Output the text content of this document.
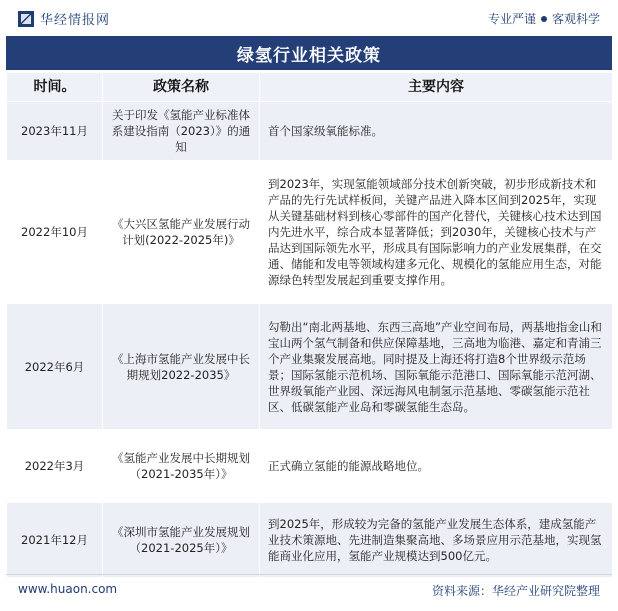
华经情报网	专业严谨 客观科学
绿氢行业相关政策
时间。	政策名称	主要内容
2023年11月	关于印发《氢能产业标准体系建设指南（2023）》的通知	首个国家级氧能标准。
2022年10月	《大兴区氢能产业发展行动计划(2022-2025年)》	到2023年，实现氢能领域部分技术创新突破，初步形成新技术和产品的先行先试样板间，关键产品进入降本区间到2025年，实现从关键基础材料到核心零部件的国产化替代，关键核心技术达到国内先进水平，综合成本显著降低；到2030年，关键核心技术与产品达到国际领先水平，形成具有国际影响力的产业发展集群，在交通、储能和发电等领域构建多元化、规模化的氢能应用生态，对能源绿色转型发展起到重要支撑作用。
2022年6月	《上海市氢能产业发展中长期规划2022-2035》	勾勒出“南北两基地、东西三高地”产业空间布局，两基地指金山和宝山两个氢气制备和供应保障基地，三高地为临港、嘉定和青浦三个产业集聚发展高地。同时提及上海还将打造8个世界级示范场景；国际氢能示范机场、国际氧能示范港口、国际氧能示范河湖、世界级氧能产业园、深远海风电制氢示范基地、零碳氢能示范社区、低碳氢能产业岛和零碳氢能生态岛。
2022年3月	《氢能产业发展中长期规划（2021-2035年）》	正式确立氢能的能源战略地位。
2021年12月	《深圳市氢能产业发展规划（2021-2025年）》	到2025年，形成较为完备的氢能产业发展生态体系，建成氢能产业技术策源地、先进制造集聚高地、多场景应用示范基地，实现氢能商业化应用，氢能产业规模达到500亿元。
www.huaon.com	资料来源：华经产业研究院整理
